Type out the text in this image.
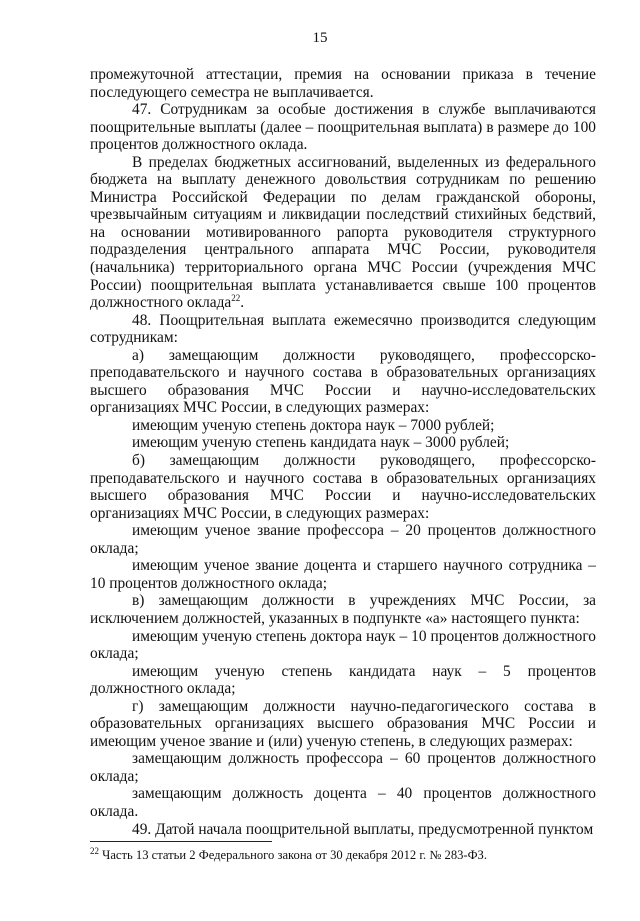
15

промежуточной аттестации, премия на основании приказа в течение последующего семестра не выплачивается.

47. Сотрудникам за особые достижения в службе выплачиваются поощрительные выплаты (далее – поощрительная выплата) в размере до 100 процентов должностного оклада.

В пределах бюджетных ассигнований, выделенных из федерального бюджета на выплату денежного довольствия сотрудникам по решению Министра Российской Федерации по делам гражданской обороны, чрезвычайным ситуациям и ликвидации последствий стихийных бедствий, на основании мотивированного рапорта руководителя структурного подразделения центрального аппарата МЧС России, руководителя (начальника) территориального органа МЧС России (учреждения МЧС России) поощрительная выплата устанавливается свыше 100 процентов должностного оклада$^{22}$.

48. Поощрительная выплата ежемесячно производится следующим сотрудникам:

а) замещающим должности руководящего, профессорско-преподавательского и научного состава в образовательных организациях высшего образования МЧС России и научно-исследовательских организациях МЧС России, в следующих размерах:

имеющим ученую степень доктора наук – 7000 рублей;

имеющим ученую степень кандидата наук – 3000 рублей;

б) замещающим должности руководящего, профессорско-преподавательского и научного состава в образовательных организациях высшего образования МЧС России и научно-исследовательских организациях МЧС России, в следующих размерах:

имеющим ученое звание профессора – 20 процентов должностного оклада;

имеющим ученое звание доцента и старшего научного сотрудника – 10 процентов должностного оклада;

в) замещающим должности в учреждениях МЧС России, за исключением должностей, указанных в подпункте «а» настоящего пункта:

имеющим ученую степень доктора наук – 10 процентов должностного оклада;

имеющим ученую степень кандидата наук – 5 процентов должностного оклада;

г) замещающим должности научно-педагогического состава в образовательных организациях высшего образования МЧС России и имеющим ученое звание и (или) ученую степень, в следующих размерах:

замещающим должность профессора – 60 процентов должностного оклада;

замещающим должность доцента – 40 процентов должностного оклада.

49. Датой начала поощрительной выплаты, предусмотренной пунктом

$^{22}$ Часть 13 статьи 2 Федерального закона от 30 декабря 2012 г. № 283-ФЗ.
